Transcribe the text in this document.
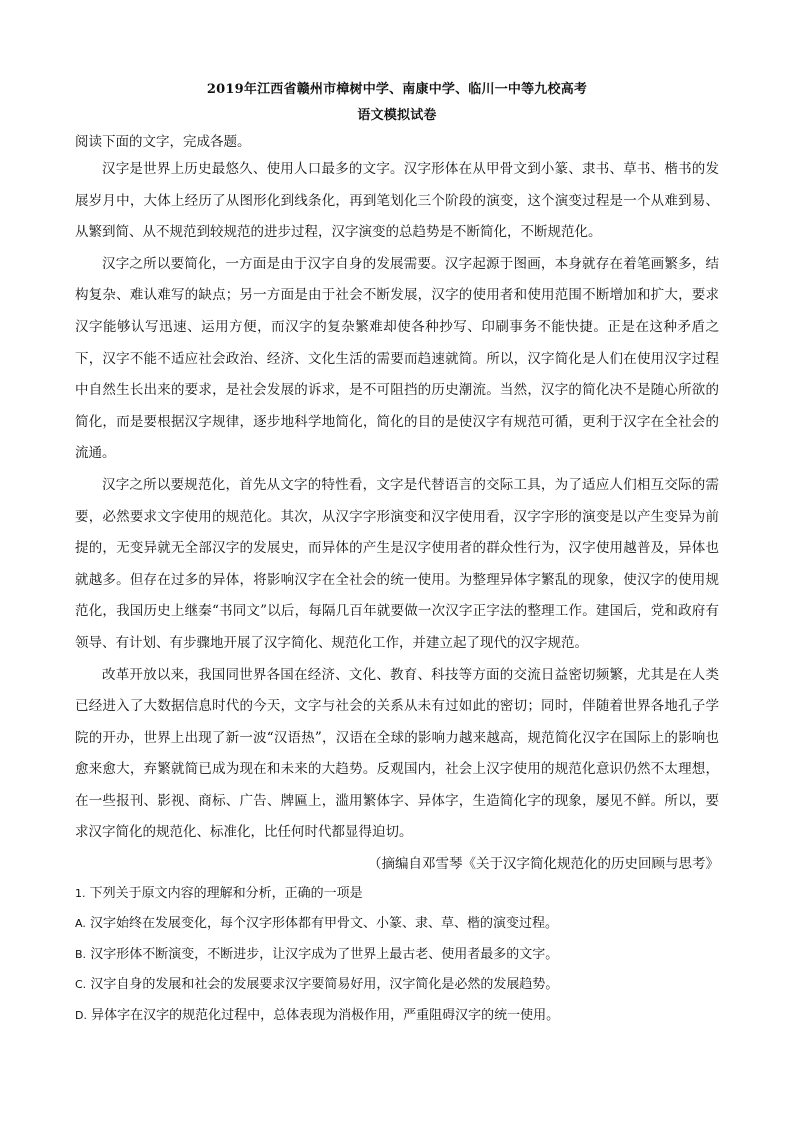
2019年江西省赣州市樟树中学、南康中学、临川一中等九校高考
语文模拟试卷

阅读下面的文字，完成各题。

汉字是世界上历史最悠久、使用人口最多的文字。汉字形体在从甲骨文到小篆、隶书、草书、楷书的发展岁月中，大体上经历了从图形化到线条化，再到笔划化三个阶段的演变，这个演变过程是一个从难到易、从繁到简、从不规范到较规范的进步过程，汉字演变的总趋势是不断简化，不断规范化。

汉字之所以要简化，一方面是由于汉字自身的发展需要。汉字起源于图画，本身就存在着笔画繁多，结构复杂、难认难写的缺点；另一方面是由于社会不断发展，汉字的使用者和使用范围不断增加和扩大，要求汉字能够认写迅速、运用方便，而汉字的复杂繁难却使各种抄写、印刷事务不能快捷。正是在这种矛盾之下，汉字不能不适应社会政治、经济、文化生活的需要而趋速就简。所以，汉字简化是人们在使用汉字过程中自然生长出来的要求，是社会发展的诉求，是不可阻挡的历史潮流。当然，汉字的简化决不是随心所欲的简化，而是要根据汉字规律，逐步地科学地简化，简化的目的是使汉字有规范可循，更利于汉字在全社会的流通。

汉字之所以要规范化，首先从文字的特性看，文字是代替语言的交际工具，为了适应人们相互交际的需要，必然要求文字使用的规范化。其次，从汉字字形演变和汉字使用看，汉字字形的演变是以产生变异为前提的，无变异就无全部汉字的发展史，而异体的产生是汉字使用者的群众性行为，汉字使用越普及，异体也就越多。但存在过多的异体，将影响汉字在全社会的统一使用。为整理异体字繁乱的现象，使汉字的使用规范化，我国历史上继秦“书同文”以后，每隔几百年就要做一次汉字正字法的整理工作。建国后，党和政府有领导、有计划、有步骤地开展了汉字简化、规范化工作，并建立起了现代的汉字规范。

改革开放以来，我国同世界各国在经济、文化、教育、科技等方面的交流日益密切频繁，尤其是在人类已经进入了大数据信息时代的今天，文字与社会的关系从未有过如此的密切；同时，伴随着世界各地孔子学院的开办，世界上出现了新一波“汉语热”，汉语在全球的影响力越来越高，规范简化汉字在国际上的影响也愈来愈大，弃繁就简已成为现在和未来的大趋势。反观国内，社会上汉字使用的规范化意识仍然不太理想，在一些报刊、影视、商标、广告、牌匾上，滥用繁体字、异体字，生造简化字的现象，屡见不鲜。所以，要求汉字简化的规范化、标准化，比任何时代都显得迫切。

（摘编自邓雪琴《关于汉字简化规范化的历史回顾与思考》

1. 下列关于原文内容的理解和分析，正确的一项是

A. 汉字始终在发展变化，每个汉字形体都有甲骨文、小篆、隶、草、楷的演变过程。

B. 汉字形体不断演变，不断进步，让汉字成为了世界上最古老、使用者最多的文字。

C. 汉字自身的发展和社会的发展要求汉字要简易好用，汉字简化是必然的发展趋势。

D. 异体字在汉字的规范化过程中，总体表现为消极作用，严重阻碍汉字的统一使用。
